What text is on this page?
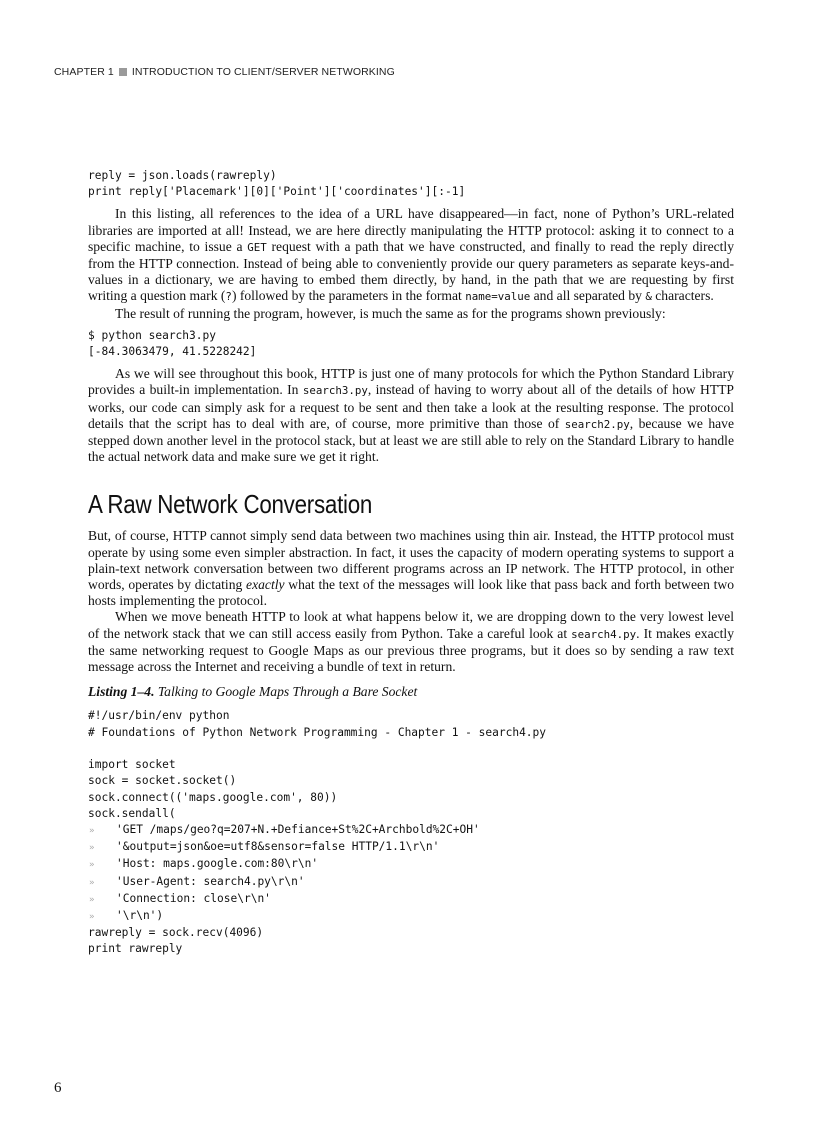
CHAPTER 1 INTRODUCTION TO CLIENT/SERVER NETWORKING
reply = json.loads(rawreply)
print reply['Placemark'][0]['Point']['coordinates'][:-1]

In this listing, all references to the idea of a URL have disappeared—in fact, none of Python’s URL-related libraries are imported at all! Instead, we are here directly manipulating the HTTP protocol: asking it to connect to a specific machine, to issue a GET request with a path that we have constructed, and finally to read the reply directly from the HTTP connection. Instead of being able to conveniently provide our query parameters as separate keys-and-values in a dictionary, we are having to embed them directly, by hand, in the path that we are requesting by first writing a question mark (?) followed by the parameters in the format name=value and all separated by & characters.

The result of running the program, however, is much the same as for the programs shown previously:

$ python search3.py
[-84.3063479, 41.5228242]

As we will see throughout this book, HTTP is just one of many protocols for which the Python Standard Library provides a built-in implementation. In search3.py, instead of having to worry about all of the details of how HTTP works, our code can simply ask for a request to be sent and then take a look at the resulting response. The protocol details that the script has to deal with are, of course, more primitive than those of search2.py, because we have stepped down another level in the protocol stack, but at least we are still able to rely on the Standard Library to handle the actual network data and make sure we get it right.

A Raw Network Conversation

But, of course, HTTP cannot simply send data between two machines using thin air. Instead, the HTTP protocol must operate by using some even simpler abstraction. In fact, it uses the capacity of modern operating systems to support a plain-text network conversation between two different programs across an IP network. The HTTP protocol, in other words, operates by dictating exactly what the text of the messages will look like that pass back and forth between two hosts implementing the protocol.

When we move beneath HTTP to look at what happens below it, we are dropping down to the very lowest level of the network stack that we can still access easily from Python. Take a careful look at search4.py. It makes exactly the same networking request to Google Maps as our previous three programs, but it does so by sending a raw text message across the Internet and receiving a bundle of text in return.

Listing 1–4. Talking to Google Maps Through a Bare Socket

#!/usr/bin/env python
# Foundations of Python Network Programming - Chapter 1 - search4.py

import socket
sock = socket.socket()
sock.connect(('maps.google.com', 80))
sock.sendall(
» 'GET /maps/geo?q=207+N.+Defiance+St%2C+Archbold%2C+OH'
» '&output=json&oe=utf8&sensor=false HTTP/1.1\r\n'
» 'Host: maps.google.com:80\r\n'
» 'User-Agent: search4.py\r\n'
» 'Connection: close\r\n'
» '\r\n')
rawreply = sock.recv(4096)
print rawreply
6
